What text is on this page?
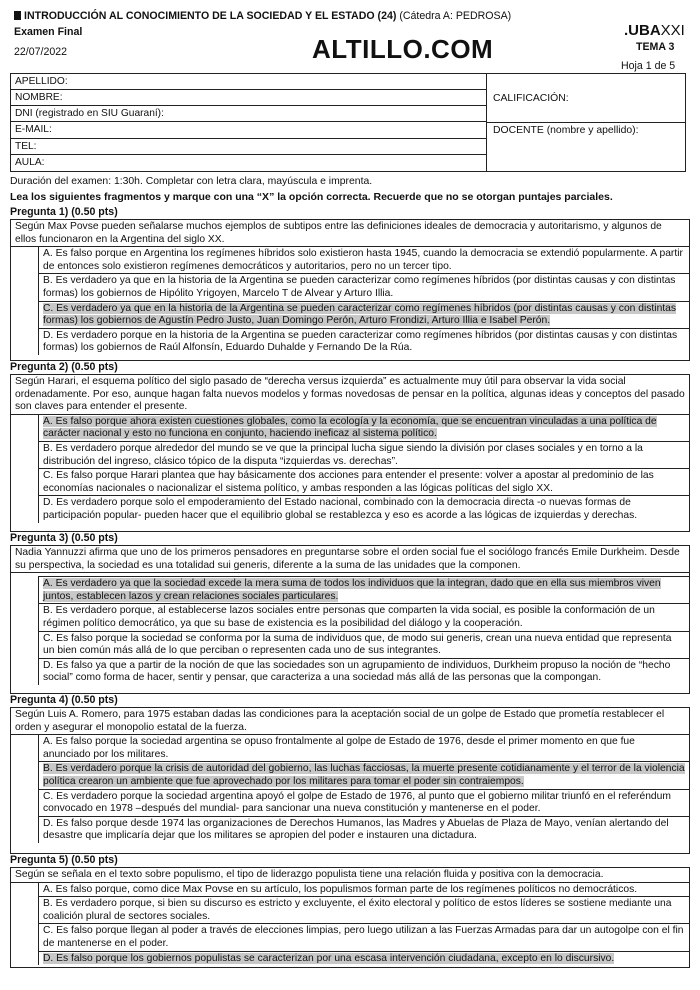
INTRODUCCIÓN AL CONOCIMIENTO DE LA SOCIEDAD Y EL ESTADO (24) (Cátedra A: PEDROSA)
Examen Final
22/07/2022	ALTILLO.COM
.UBAXXI
TEMA 3
Hoja 1 de 5
APELLIDO:
NOMBRE:
DNI (registrado en SIU Guaraní):
E-MAIL:
TEL:
AULA:
CALIFICACIÓN:
DOCENTE (nombre y apellido):
Duración del examen: 1:30h. Completar con letra clara, mayúscula e imprenta.
Lea los siguientes fragmentos y marque con una “X” la opción correcta. Recuerde que no se otorgan puntajes parciales.
Pregunta 1) (0.50 pts)
Según Max Povse pueden señalarse muchos ejemplos de subtipos entre las definiciones ideales de democracia y autoritarismo, y algunos de ellos funcionaron en la Argentina del siglo XX.
A. Es falso porque en Argentina los regímenes híbridos solo existieron hasta 1945, cuando la democracia se extendió popularmente. A partir de entonces solo existieron regímenes democráticos y autoritarios, pero no un tercer tipo.
B. Es verdadero ya que en la historia de la Argentina se pueden caracterizar como regímenes híbridos (por distintas causas y con distintas formas) los gobiernos de Hipólito Yrigoyen, Marcelo T de Alvear y Arturo Illia.
C. Es verdadero ya que en la historia de la Argentina se pueden caracterizar como regímenes híbridos (por distintas causas y con distintas formas) los gobiernos de Agustín Pedro Justo, Juan Domingo Perón, Arturo Frondizi, Arturo Illia e Isabel Perón.
D. Es verdadero porque en la historia de la Argentina se pueden caracterizar como regímenes híbridos (por distintas causas y con distintas formas) los gobiernos de Raúl Alfonsín, Eduardo Duhalde y Fernando De la Rúa.
Pregunta 2) (0.50 pts)
Según Harari, el esquema político del siglo pasado de “derecha versus izquierda” es actualmente muy útil para observar la vida social ordenadamente. Por eso, aunque hagan falta nuevos modelos y formas novedosas de pensar en la política, algunas ideas y conceptos del pasado son claves para entender el presente.
A. Es falso porque ahora existen cuestiones globales, como la ecología y la economía, que se encuentran vinculadas a una política de carácter nacional y esto no funciona en conjunto, haciendo ineficaz al sistema político.
B. Es verdadero porque alrededor del mundo se ve que la principal lucha sigue siendo la división por clases sociales y en torno a la distribución del ingreso, clásico tópico de la disputa “izquierdas vs. derechas”.
C. Es falso porque Harari plantea que hay básicamente dos acciones para entender el presente: volver a apostar al predominio de las economías nacionales o nacionalizar el sistema político, y ambas responden a las lógicas políticas del siglo XX.
D. Es verdadero porque solo el empoderamiento del Estado nacional, combinado con la democracia directa -o nuevas formas de participación popular- pueden hacer que el equilibrio global se restablezca y eso es acorde a las lógicas de izquierdas y derechas.
Pregunta 3) (0.50 pts)
Nadia Yannuzzi afirma que uno de los primeros pensadores en preguntarse sobre el orden social fue el sociólogo francés Emile Durkheim. Desde su perspectiva, la sociedad es una totalidad sui generis, diferente a la suma de las unidades que la componen.
A. Es verdadero ya que la sociedad excede la mera suma de todos los individuos que la integran, dado que en ella sus miembros viven juntos, establecen lazos y crean relaciones sociales particulares.
B. Es verdadero porque, al establecerse lazos sociales entre personas que comparten la vida social, es posible la conformación de un régimen político democrático, ya que su base de existencia es la posibilidad del diálogo y la cooperación.
C. Es falso porque la sociedad se conforma por la suma de individuos que, de modo sui generis, crean una nueva entidad que representa un bien común más allá de lo que perciban o representen cada uno de sus integrantes.
D. Es falso ya que a partir de la noción de que las sociedades son un agrupamiento de individuos, Durkheim propuso la noción de “hecho social” como forma de hacer, sentir y pensar, que caracteriza a una sociedad más allá de las personas que la compongan.
Pregunta 4) (0.50 pts)
Según Luis A. Romero, para 1975 estaban dadas las condiciones para la aceptación social de un golpe de Estado que prometía restablecer el orden y asegurar el monopolio estatal de la fuerza.
A. Es falso porque la sociedad argentina se opuso frontalmente al golpe de Estado de 1976, desde el primer momento en que fue anunciado por los militares.
B. Es verdadero porque la crisis de autoridad del gobierno, las luchas facciosas, la muerte presente cotidianamente y el terror de la violencia política crearon un ambiente que fue aprovechado por los militares para tomar el poder sin contraiempos.
C. Es verdadero porque la sociedad argentina apoyó el golpe de Estado de 1976, al punto que el gobierno militar triunfó en el referéndum convocado en 1978 –después del mundial- para sancionar una nueva constitución y mantenerse en el poder.
D. Es falso porque desde 1974 las organizaciones de Derechos Humanos, las Madres y Abuelas de Plaza de Mayo, venían alertando del desastre que implicaría dejar que los militares se apropien del poder e instauren una dictadura.
Pregunta 5) (0.50 pts)
Según se señala en el texto sobre populismo, el tipo de liderazgo populista tiene una relación fluida y positiva con la democracia.
A. Es falso porque, como dice Max Povse en su artículo, los populismos forman parte de los regímenes políticos no democráticos.
B. Es verdadero porque, si bien su discurso es estricto y excluyente, el éxito electoral y político de estos líderes se sostiene mediante una coalición plural de sectores sociales.
C. Es falso porque llegan al poder a través de elecciones limpias, pero luego utilizan a las Fuerzas Armadas para dar un autogolpe con el fin de mantenerse en el poder.
D. Es falso porque los gobiernos populistas se caracterizan por una escasa intervención ciudadana, excepto en lo discursivo.
